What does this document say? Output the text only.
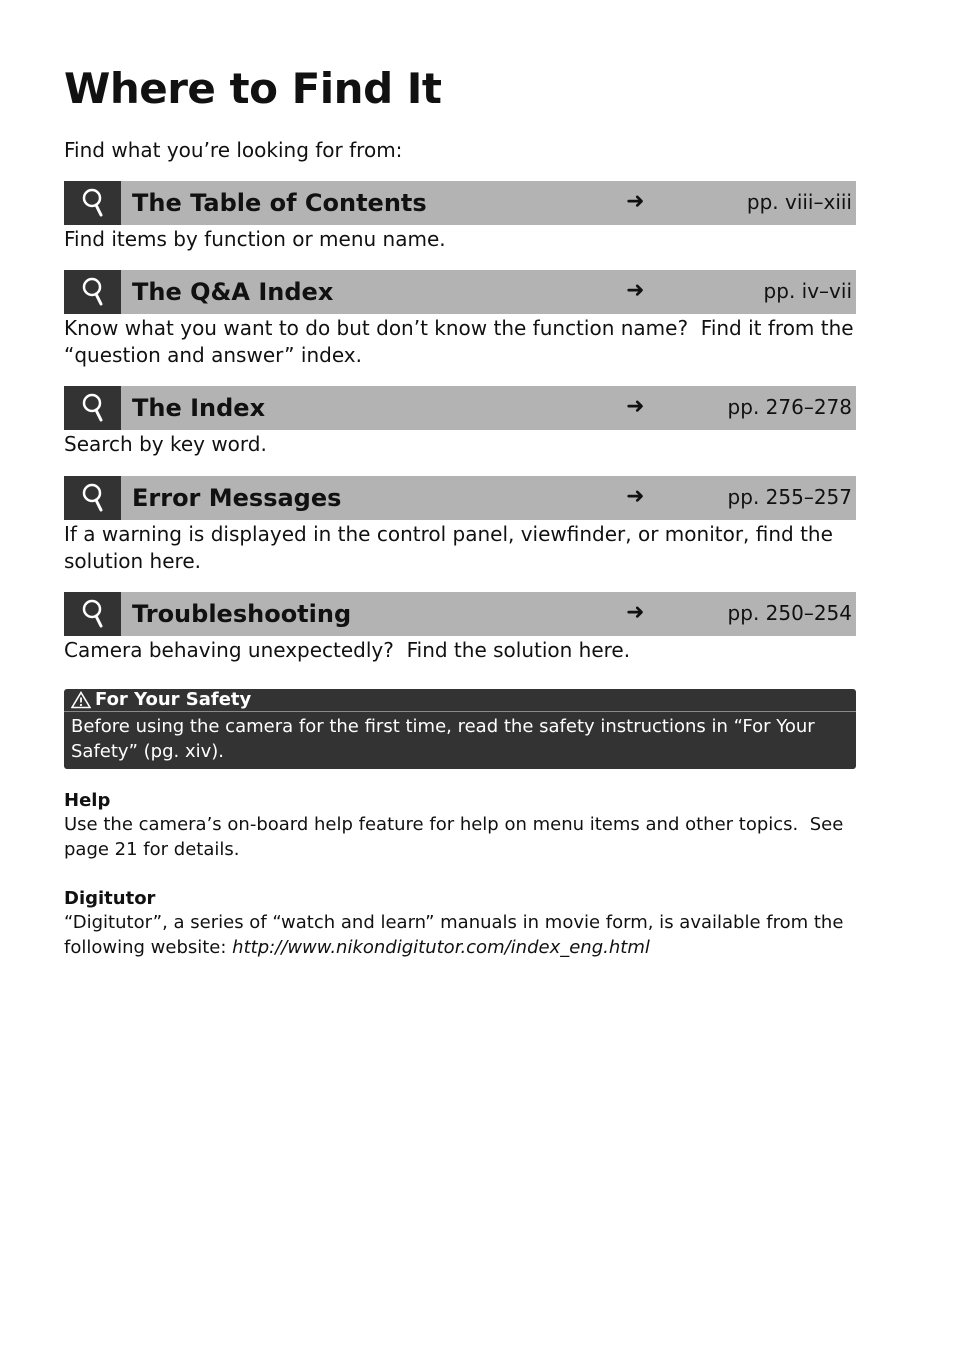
Where to Find It

Find what you’re looking for from:

The Table of Contents	➜	pp. viii–xiii

Find items by function or menu name.

The Q&A Index	➜	pp. iv–vii

Know what you want to do but don’t know the function name?  Find it from the “question and answer” index.

The Index	➜	pp. 276–278

Search by key word.

Error Messages	➜	pp. 255–257

If a warning is displayed in the control panel, viewfinder, or monitor, find the solution here.

Troubleshooting	➜	pp. 250–254

Camera behaving unexpectedly?  Find the solution here.

For Your Safety
Before using the camera for the first time, read the safety instructions in “For Your Safety” (pg. xiv).
Help

Use the camera’s on-board help feature for help on menu items and other topics.  See page 21 for details.

Digitutor

“Digitutor”, a series of “watch and learn” manuals in movie form, is available from the following website: http://www.nikondigitutor.com/index_eng.html
